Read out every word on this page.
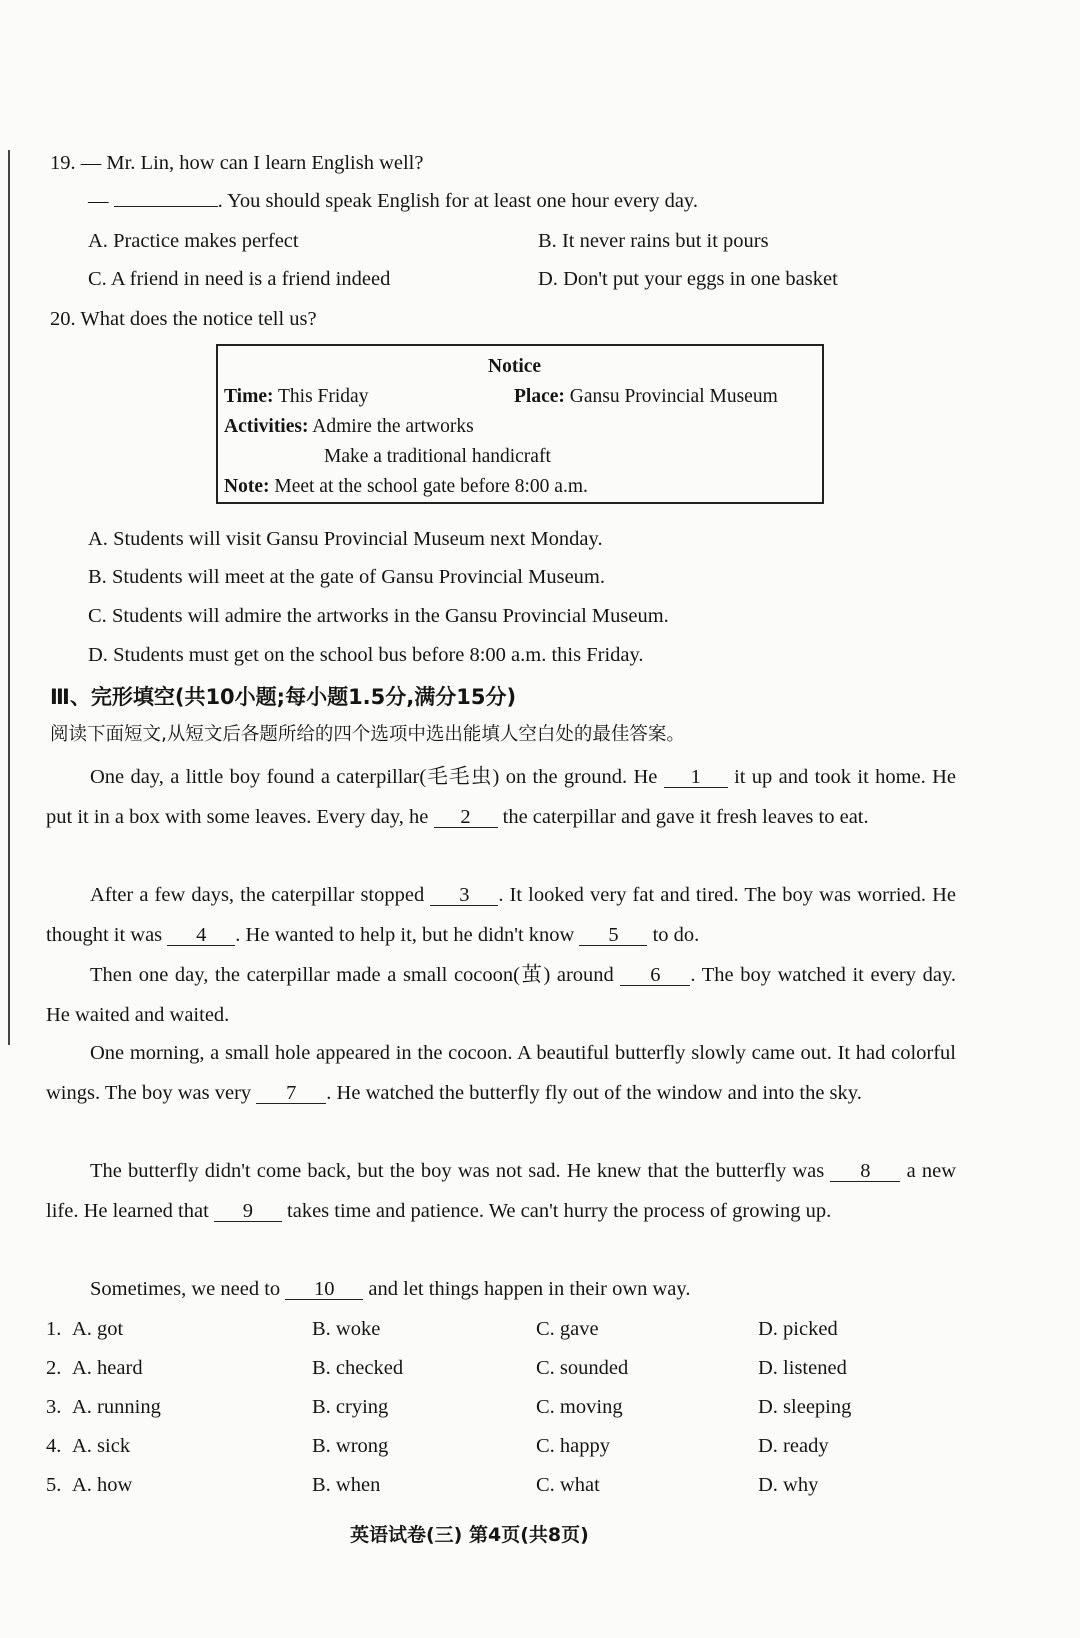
19. — Mr. Lin, how can I learn English well?
—	. You should speak English for at least one hour every day.
A. Practice makes perfect	B. It never rains but it pours
C. A friend in need is a friend indeed	D. Don't put your eggs in one basket
20. What does the notice tell us?
Notice
Time: This Friday	Place: Gansu Provincial Museum
Activities: Admire the artworks
Make a traditional handicraft
Note: Meet at the school gate before 8:00 a.m.
A. Students will visit Gansu Provincial Museum next Monday.
B. Students will meet at the gate of Gansu Provincial Museum.
C. Students will admire the artworks in the Gansu Provincial Museum.
D. Students must get on the school bus before 8:00 a.m. this Friday.
Ⅲ、完形填空(共10小题;每小题1.5分,满分15分)
阅读下面短文,从短文后各题所给的四个选项中选出能填人空白处的最佳答案。
One day, a little boy found a caterpillar(毛毛虫) on the ground. He 1 it up and took it home. He put it in a box with some leaves. Every day, he 2 the caterpillar and gave it fresh leaves to eat.
After a few days, the caterpillar stopped 3 . It looked very fat and tired. The boy was worried. He thought it was 4 . He wanted to help it, but he didn't know 5 to do.
Then one day, the caterpillar made a small cocoon(茧) around 6 . The boy watched it every day. He waited and waited.
One morning, a small hole appeared in the cocoon. A beautiful butterfly slowly came out. It had colorful wings. The boy was very 7 . He watched the butterfly fly out of the window and into the sky.
The butterfly didn't come back, but the boy was not sad. He knew that the butterfly was 8 a new life. He learned that 9 takes time and patience. We can't hurry the process of growing up.
Sometimes, we need to 10 and let things happen in their own way.
1. A. got	B. woke	C. gave	D. picked
2. A. heard	B. checked	C. sounded	D. listened
3. A. running	B. crying	C. moving	D. sleeping
4. A. sick	B. wrong	C. happy	D. ready
5. A. how	B. when	C. what	D. why
英语试卷(三) 第4页(共8页)
